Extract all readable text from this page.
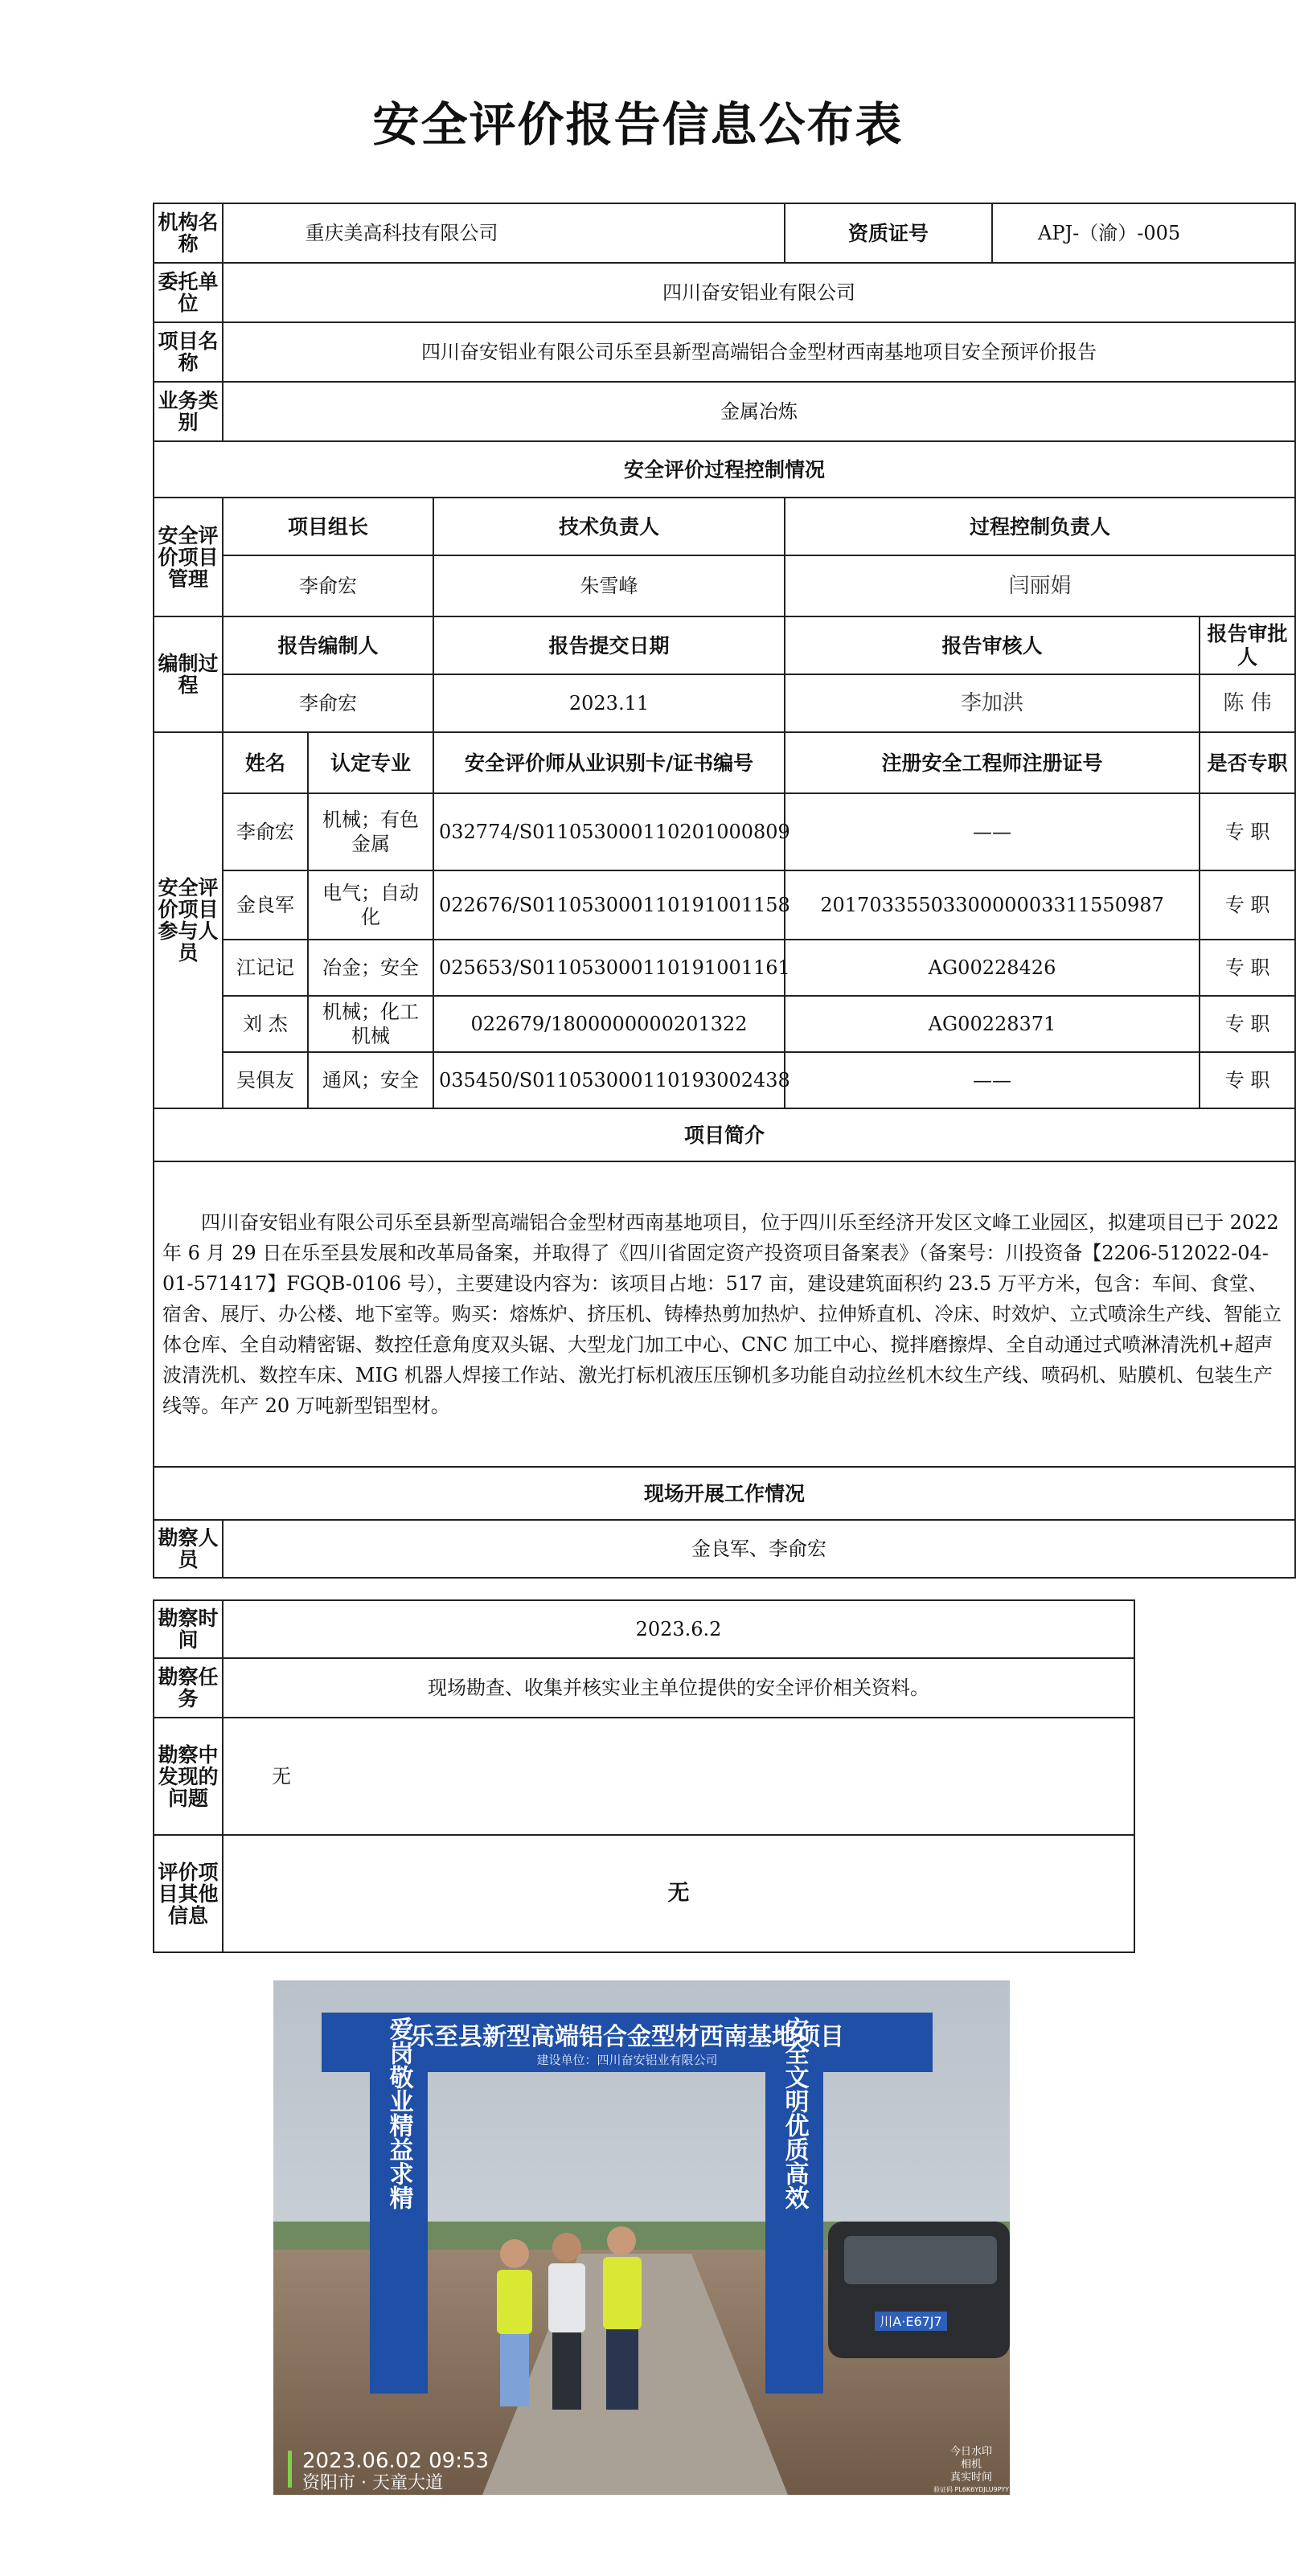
安全评价报告信息公布表
机构名称	重庆美高科技有限公司			资质证号	APJ-（渝）-005	
委托单位	四川奋安铝业有限公司					
项目名称	四川奋安铝业有限公司乐至县新型高端铝合金型材西南基地项目安全预评价报告					
业务类别	金属冶炼					
安全评价过程控制情况						
安全评价项目管理	项目组长		技术负责人	过程控制负责人		
	李俞宏		朱雪峰	闫丽娟		
编制过程	报告编制人		报告提交日期	报告审核人		报告审批人
	李俞宏		2023.11	李加洪		陈 伟
安全评价项目参与人员	姓名	认定专业	安全评价师从业识别卡/证书编号	注册安全工程师注册证号		是否专职
	李俞宏	机械；有色金属	032774/S011053000110201000809	——		专 职
	金良军	电气；自动化	022676/S011053000110191001158	2017033550330000003311550987		专 职
	江记记	冶金；安全	025653/S011053000110191001161	AG00228426		专 职
	刘 杰	机械；化工机械	022679/1800000000201322	AG00228371		专 职
	吴俱友	通风；安全	035450/S011053000110193002438	——		专 职
项目简介						
四川奋安铝业有限公司乐至县新型高端铝合金型材西南基地项目，位于四川乐至经济开发区文峰工业园区，拟建项目已于 2022 年 6 月 29 日在乐至县发展和改革局备案，并取得了《四川省固定资产投资项目备案表》（备案号：川投资备【2206-512022-04-01-571417】FGQB-0106 号），主要建设内容为：该项目占地：517 亩，建设建筑面积约 23.5 万平方米，包含：车间、食堂、宿舍、展厅、办公楼、地下室等。购买：熔炼炉、挤压机、铸棒热剪加热炉、拉伸矫直机、冷床、时效炉、立式喷涂生产线、智能立体仓库、全自动精密锯、数控任意角度双头锯、大型龙门加工中心、CNC 加工中心、搅拌磨擦焊、全自动通过式喷淋清洗机+超声波清洗机、数控车床、MIG 机器人焊接工作站、激光打标机液压压铆机多功能自动拉丝机木纹生产线、喷码机、贴膜机、包装生产线等。年产 20 万吨新型铝型材。						
现场开展工作情况						
勘察人员	金良军、李俞宏					
勘察时间	2023.6.2
勘察任务	现场勘查、收集并核实业主单位提供的安全评价相关资料。
勘察中发现的问题	无
评价项目其他信息	无
乐至县新型高端铝合金型材西南基地项目
建设单位：四川奋安铝业有限公司
爱岗敬业精益求精	安全文明优质高效
川A·E67J7
2023.06.02 09:53
资阳市 · 天童大道
今日水印
相机
真实时间
验证码 PL6K6YDJLU9PYY
